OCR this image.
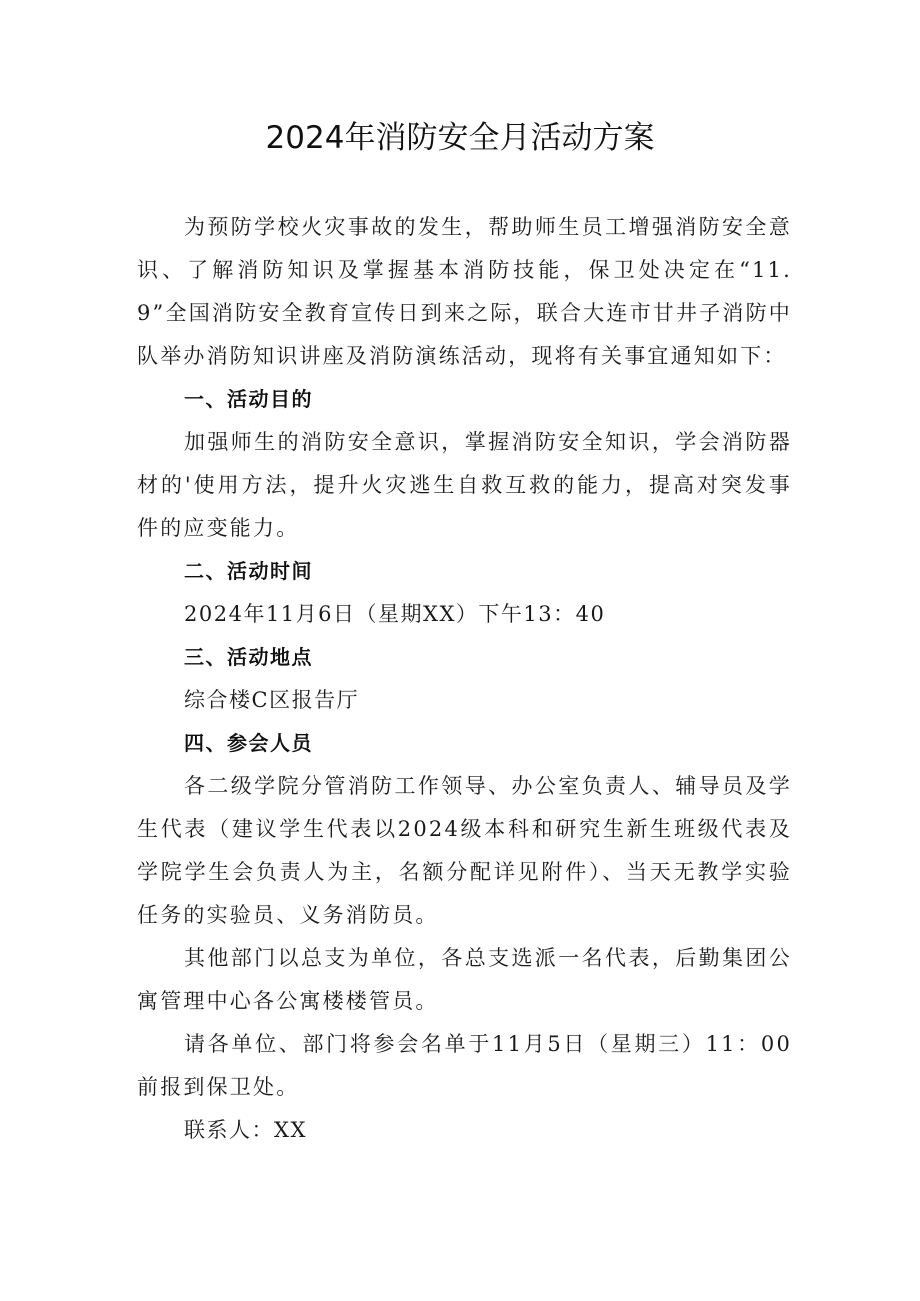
2024年消防安全月活动方案

为预防学校火灾事故的发生，帮助师生员工增强消防安全意识、了解消防知识及掌握基本消防技能，保卫处决定在“11.9”全国消防安全教育宣传日到来之际，联合大连市甘井子消防中队举办消防知识讲座及消防演练活动，现将有关事宜通知如下：

一、活动目的

加强师生的消防安全意识，掌握消防安全知识，学会消防器材的'使用方法，提升火灾逃生自救互救的能力，提高对突发事件的应变能力。

二、活动时间

2024年11月6日（星期XX）下午13：40

三、活动地点

综合楼C区报告厅

四、参会人员

各二级学院分管消防工作领导、办公室负责人、辅导员及学生代表（建议学生代表以2024级本科和研究生新生班级代表及学院学生会负责人为主，名额分配详见附件）、当天无教学实验任务的实验员、义务消防员。

其他部门以总支为单位，各总支选派一名代表，后勤集团公寓管理中心各公寓楼楼管员。

请各单位、部门将参会名单于11月5日（星期三）11：00前报到保卫处。

联系人：XX
